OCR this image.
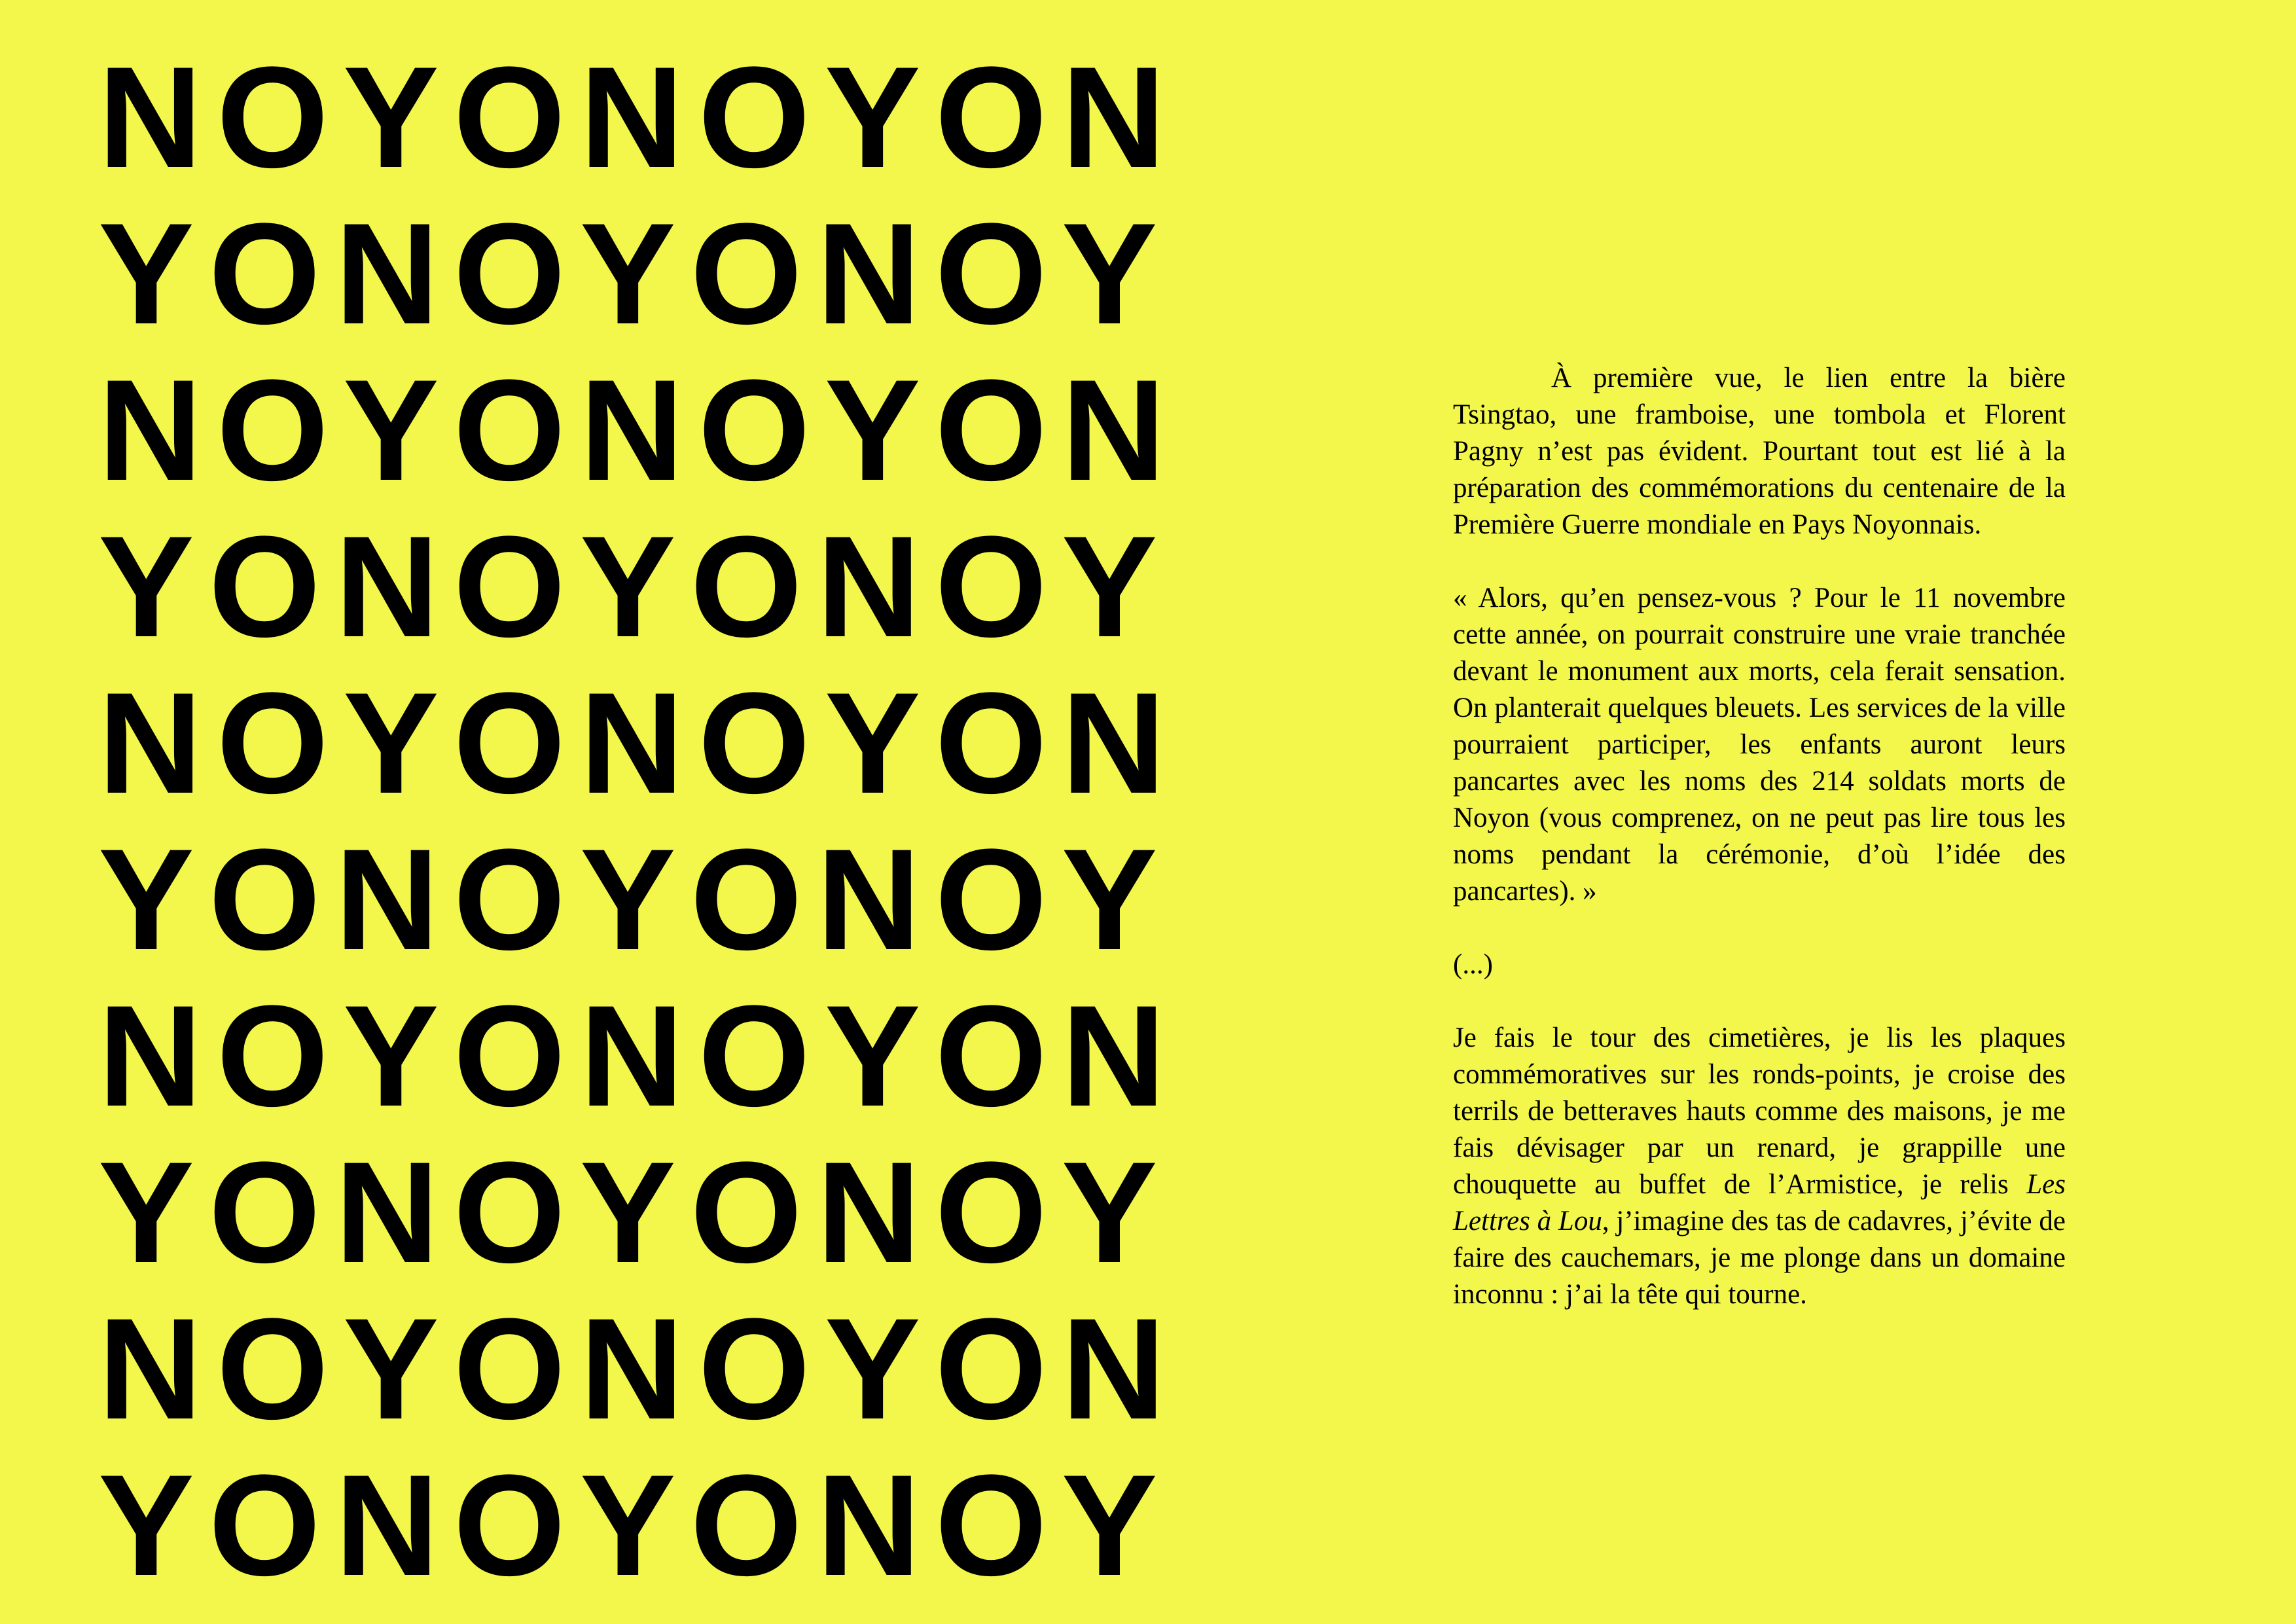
NOYONOYON
YONOYONOY
NOYONOYON
YONOYONOY
NOYONOYON
YONOYONOY
NOYONOYON
YONOYONOY
NOYONOYON
YONOYONOY

À première vue, le lien entre la bière Tsingtao, une framboise, une tombola et Florent Pagny n’est pas évident. Pourtant tout est lié à la préparation des commémorations du centenaire de la Première Guerre mondiale en Pays Noyonnais.

« Alors, qu’en pensez-vous ? Pour le 11 novembre cette année, on pourrait construire une vraie tranchée devant le monument aux morts, cela ferait sensation. On planterait quelques bleuets. Les services de la ville pourraient participer, les enfants auront leurs pancartes avec les noms des 214 soldats morts de Noyon (vous comprenez, on ne peut pas lire tous les noms pendant la cérémonie, d’où l’idée des pancartes). »

(...)

Je fais le tour des cimetières, je lis les plaques commémoratives sur les ronds-points, je croise des terrils de betteraves hauts comme des maisons, je me fais dévisager par un renard, je grappille une chouquette au buffet de l’Armistice, je relis Les Lettres à Lou, j’imagine des tas de cadavres, j’évite de faire des cauchemars, je me plonge dans un domaine inconnu : j’ai la tête qui tourne.
